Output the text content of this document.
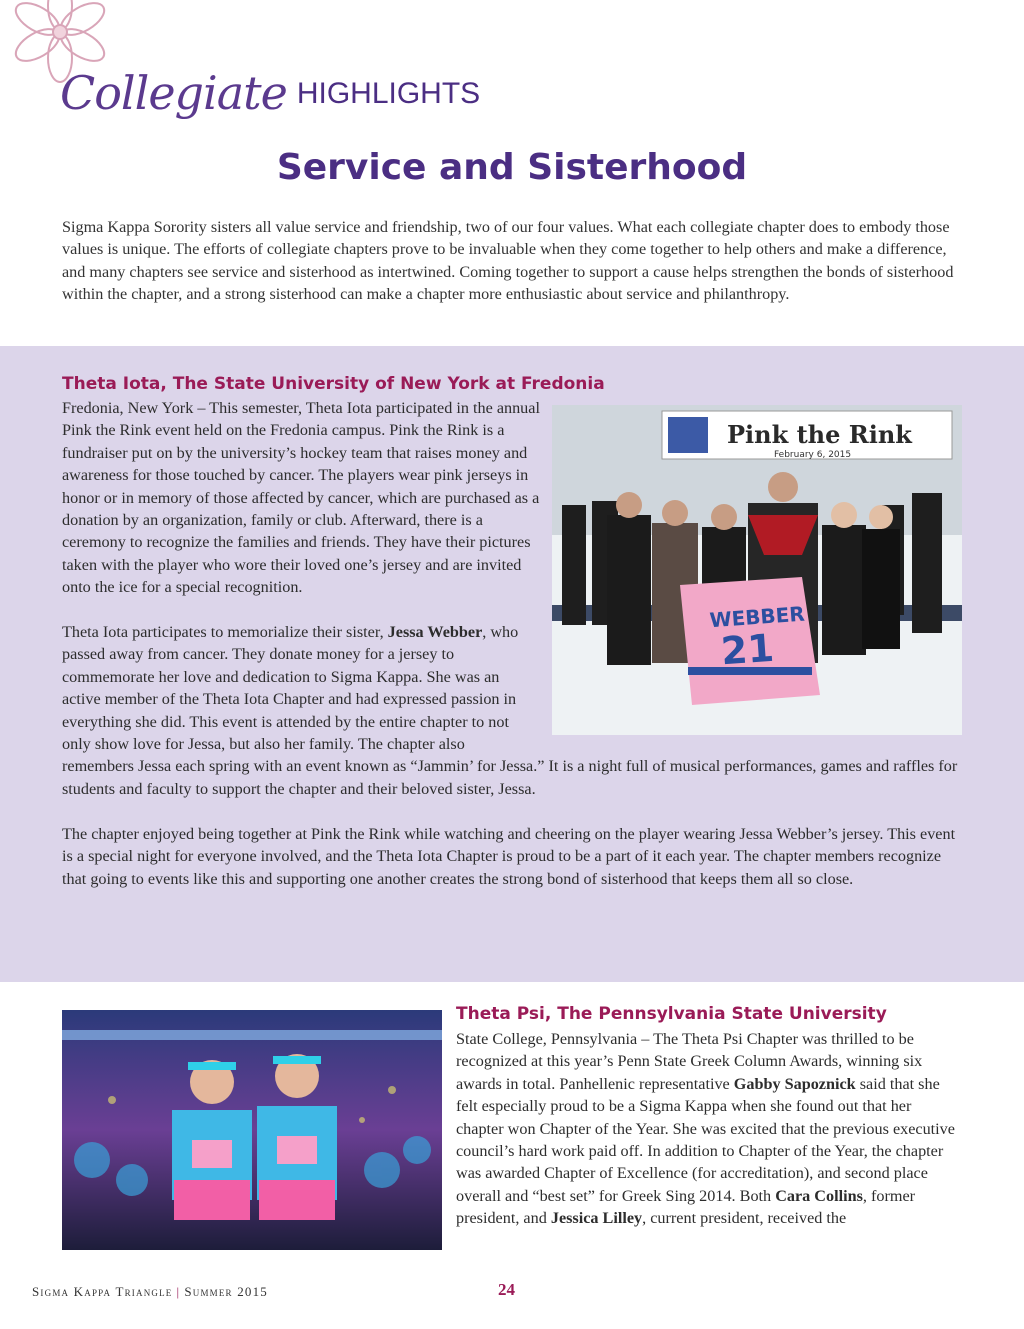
Collegiate HIGHLIGHTS
Service and Sisterhood

Sigma Kappa Sorority sisters all value service and friendship, two of our four values. What each collegiate chapter does to embody those values is unique. The efforts of collegiate chapters prove to be invaluable when they come together to help others and make a difference, and many chapters see service and sisterhood as intertwined. Coming together to support a cause helps strengthen the bonds of sisterhood within the chapter, and a strong sisterhood can make a chapter more enthusiastic about service and philanthropy.

Theta Iota, The State University of New York at Fredonia
Pink the Rink
February 6, 2015
WEBBER
21

Fredonia, New York – This semester, Theta Iota participated in the annual Pink the Rink event held on the Fredonia campus. Pink the Rink is a fundraiser put on by the university’s hockey team that raises money and awareness for those touched by cancer. The players wear pink jerseys in honor or in memory of those affected by cancer, which are purchased as a donation by an organization, family or club. Afterward, there is a ceremony to recognize the families and friends. They have their pictures taken with the player who wore their loved one’s jersey and are invited onto the ice for a special recognition.

Theta Iota participates to memorialize their sister, Jessa Webber, who passed away from cancer. They donate money for a jersey to commemorate her love and dedication to Sigma Kappa. She was an active member of the Theta Iota Chapter and had expressed passion in everything she did. This event is attended by the entire chapter to not only show love for Jessa, but also her family. The chapter also remembers Jessa each spring with an event known as “Jammin’ for Jessa.” It is a night full of musical performances, games and raffles for students and faculty to support the chapter and their beloved sister, Jessa.

The chapter enjoyed being together at Pink the Rink while watching and cheering on the player wearing Jessa Webber’s jersey. This event is a special night for everyone involved, and the Theta Iota Chapter is proud to be a part of it each year. The chapter members recognize that going to events like this and supporting one another creates the strong bond of sisterhood that keeps them all so close.

Theta Psi, The Pennsylvania State University

State College, Pennsylvania – The Theta Psi Chapter was thrilled to be recognized at this year’s Penn State Greek Column Awards, winning six awards in total. Panhellenic representative Gabby Sapoznick said that she felt especially proud to be a Sigma Kappa when she found out that her chapter won Chapter of the Year. She was excited that the previous executive council’s hard work paid off. In addition to Chapter of the Year, the chapter was awarded Chapter of Excellence (for accreditation), and second place overall and “best set” for Greek Sing 2014. Both Cara Collins, former president, and Jessica Lilley, current president, received the

Sigma Kappa Triangle | Summer 2015	24
